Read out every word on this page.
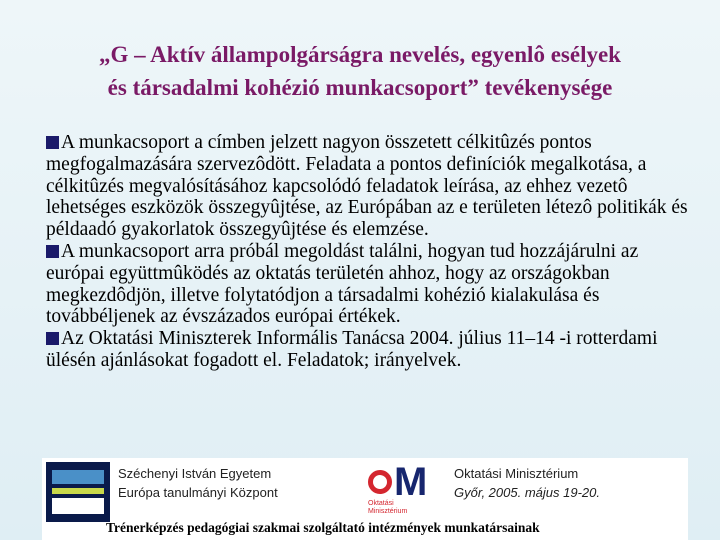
„G – Aktív állampolgárságra nevelés, egyenlô esélyek
és társadalmi kohézió munkacsoport” tevékenysége

A munkacsoport a címben jelzett nagyon összetett célkitûzés pontos megfogalmazására szervezôdött. Feladata a pontos definíciók megalkotása, a célkitûzés megvalósításához kapcsolódó feladatok leírása, az ehhez vezetô lehetséges eszközök összegyûjtése, az Európában az e területen létezô politikák és példaadó gyakorlatok összegyûjtése és elemzése.

A munkacsoport arra próbál megoldást találni, hogyan tud hozzájárulni az európai együttmûködés az oktatás területén ahhoz, hogy az országokban megkezdôdjön, illetve folytatódjon a társadalmi kohézió kialakulása és továbbéljenek az évszázados európai értékek.

Az Oktatási Miniszterek Informális Tanácsa 2004. július 11–14 -i rotterdami ülésén ajánlásokat fogadott el. Feladatok; irányelvek.

Széchenyi István Egyetem
Európa tanulmányi Központ	M
Oktatási Minisztérium
Oktatási Minisztérium
Győr, 2005. május 19-20.
Trénerképzés pedagógiai szakmai szolgáltató intézmények munkatársainak
